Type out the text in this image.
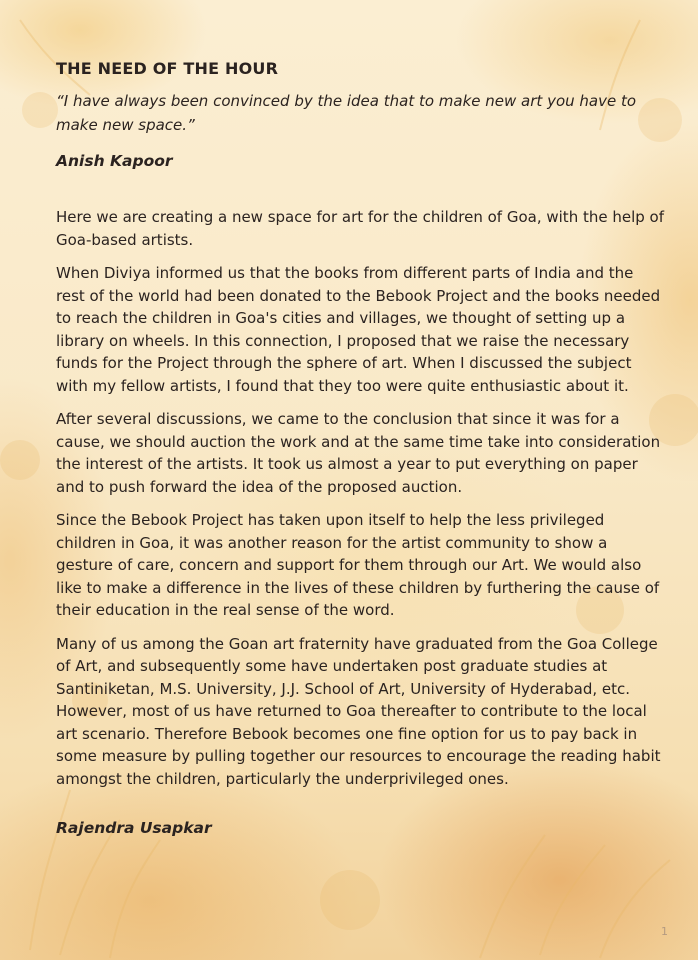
THE NEED OF THE HOUR

“I have always been convinced by the idea that to make new art you have to make new space.”

Anish Kapoor

Here we are creating a new space for art for the children of Goa, with the help of Goa-based artists.

When Diviya informed us that the books from different parts of India and the rest of the world had been donated to the Bebook Project and the books needed to reach the children in Goa's cities and villages, we thought of setting up a library on wheels. In this connection, I proposed that we raise the necessary funds for the Project through the sphere of art. When I discussed the subject with my fellow artists, I found that they too were quite enthusiastic about it.

After several discussions, we came to the conclusion that since it was for a cause, we should auction the work and at the same time take into consideration the interest of the artists. It took us almost a year to put everything on paper and to push forward the idea of the proposed auction.

Since the Bebook Project has taken upon itself to help the less privileged children in Goa, it was another reason for the artist community to show a gesture of care, concern and support for them through our Art. We would also like to make a difference in the lives of these children by furthering the cause of their education in the real sense of the word.

Many of us among the Goan art fraternity have graduated from the Goa College of Art, and subsequently some have undertaken post graduate studies at Santiniketan, M.S. University, J.J. School of Art, University of Hyderabad, etc. However, most of us have returned to Goa thereafter to contribute to the local art scenario. Therefore Bebook becomes one fine option for us to pay back in some measure by pulling together our resources to encourage the reading habit amongst the children, particularly the underprivileged ones.

Rajendra Usapkar

1
